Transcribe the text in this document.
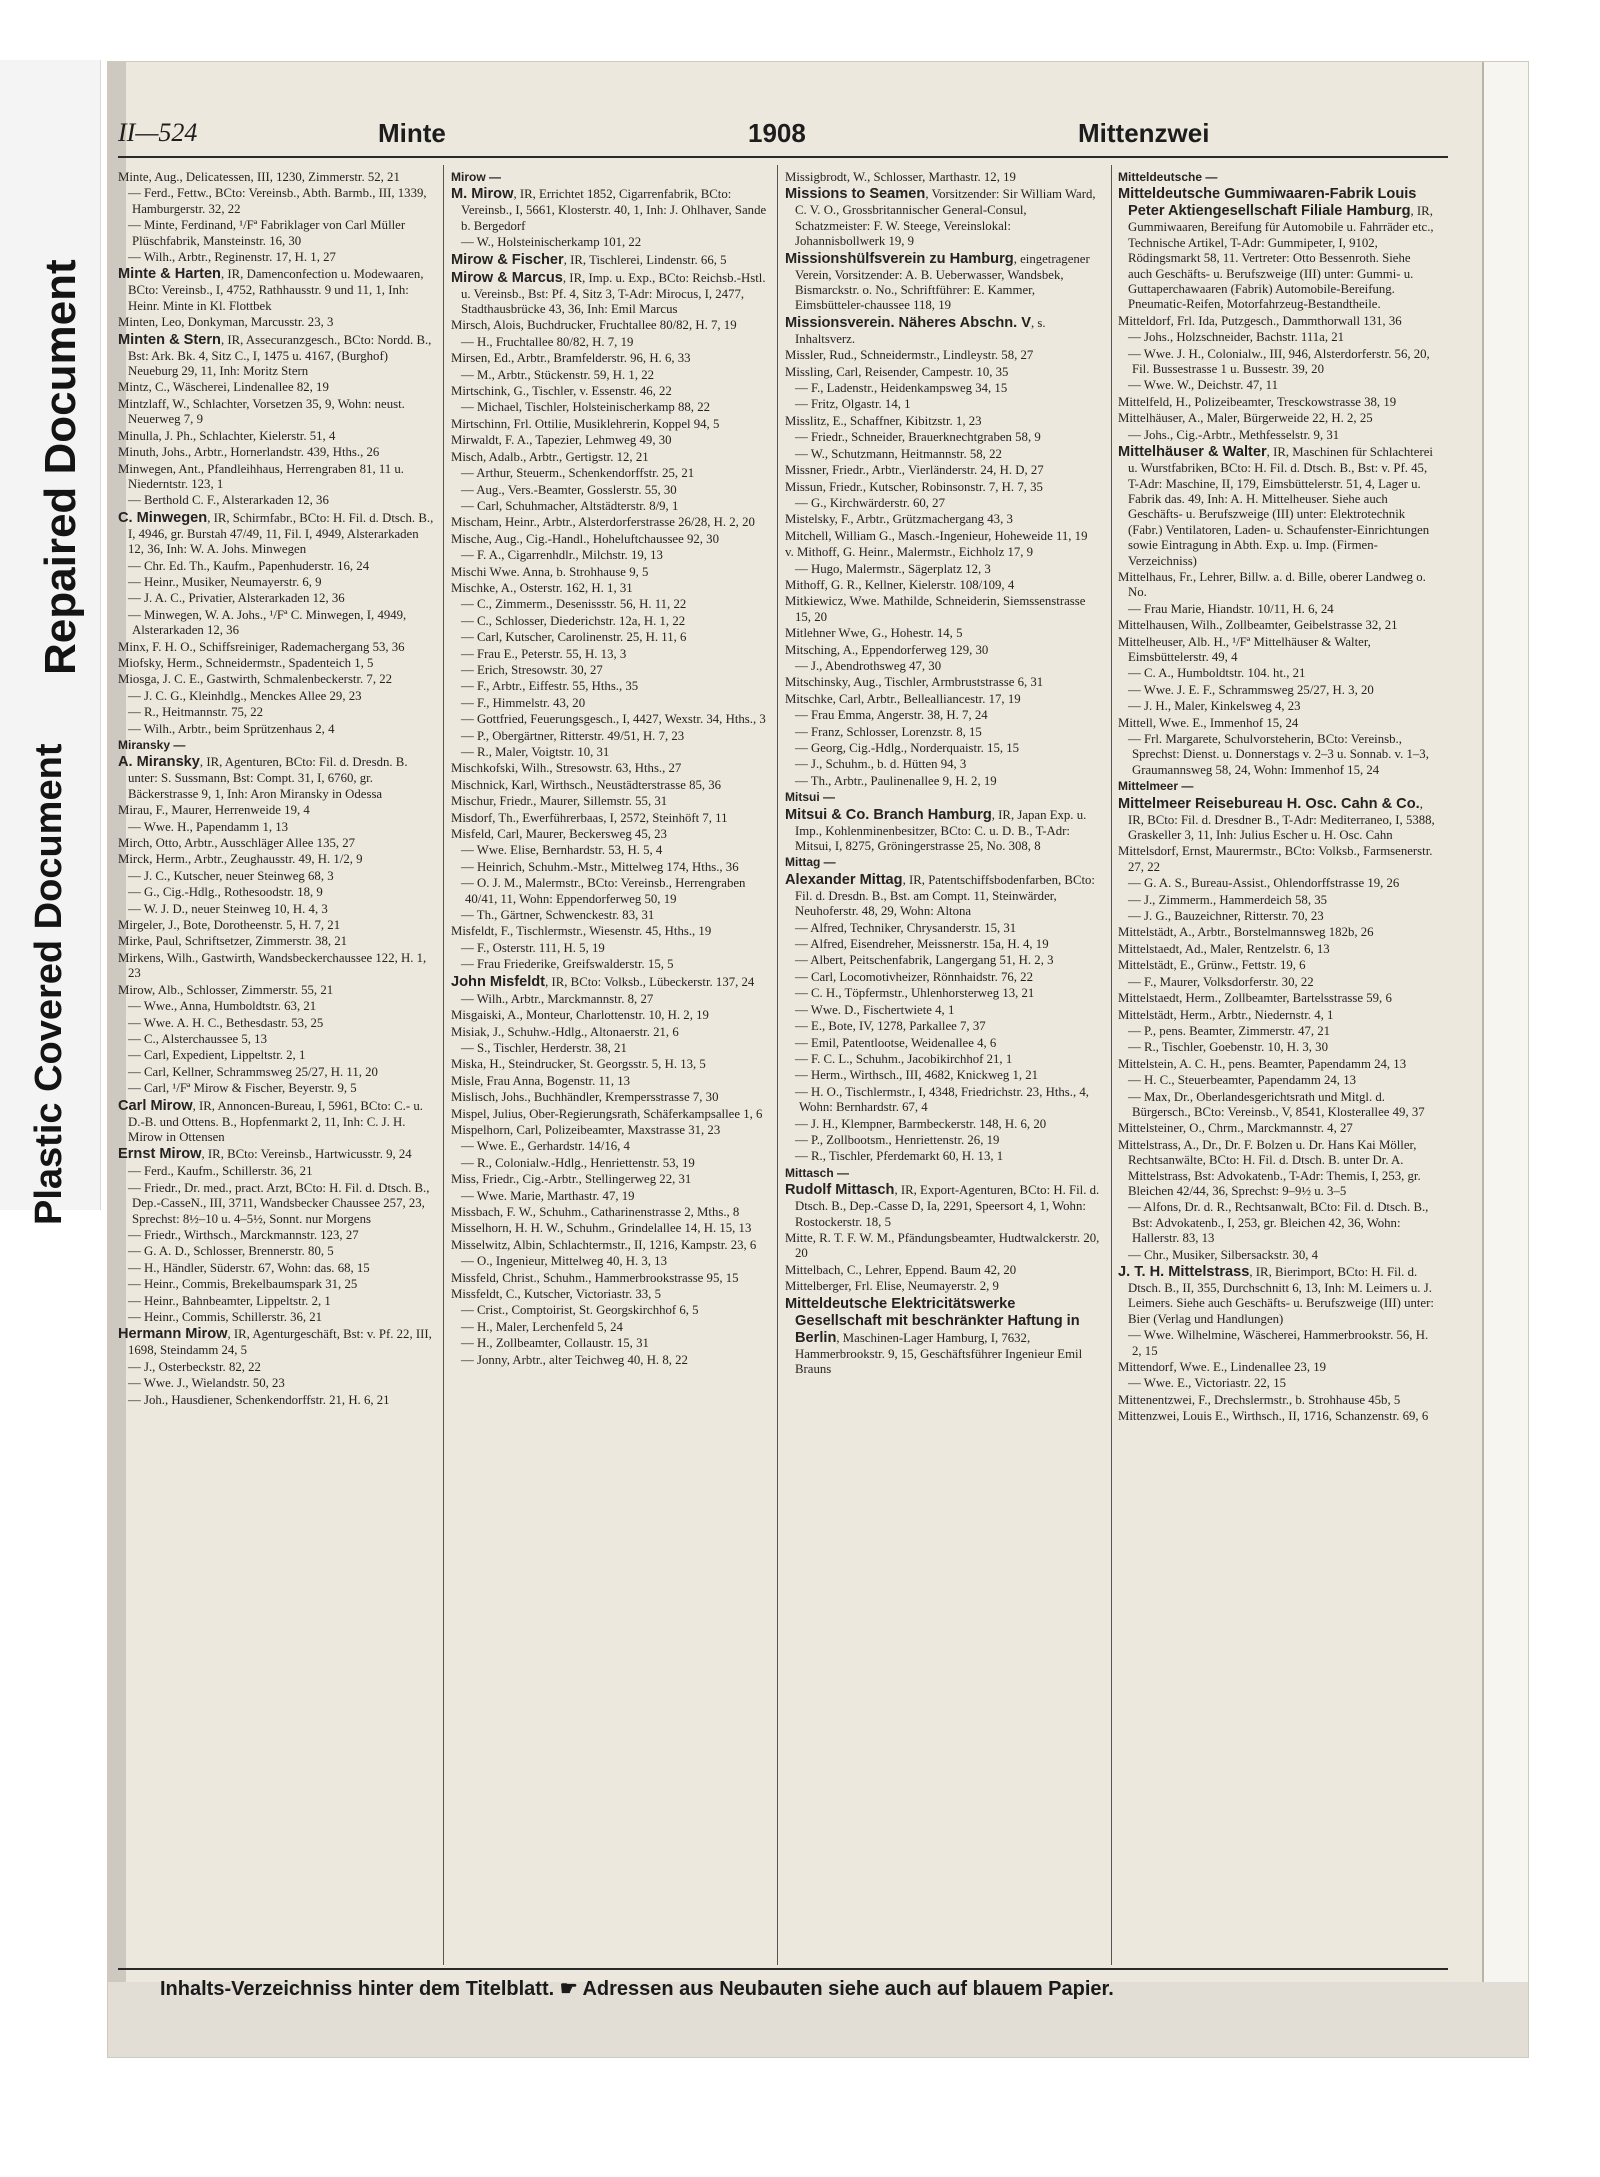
Plastic Covered Document
Repaired Document
II—524	Minte	1908	Mittenzwei
Minte, Aug., Delicatessen, III, 1230, Zimmerstr. 52, 21
— Ferd., Fettw., BCto: Vereinsb., Abth. Barmb., III, 1339, Hamburgerstr. 32, 22
— Minte, Ferdinand, ¹/Fª Fabriklager von Carl Müller Plüschfabrik, Mansteinstr. 16, 30
— Wilh., Arbtr., Reginenstr. 17, H. 1, 27
Minte & Harten, IR, Damenconfection u. Modewaaren, BCto: Vereinsb., I, 4752, Rathhausstr. 9 und 11, 1, Inh: Heinr. Minte in Kl. Flottbek
Minten, Leo, Donkyman, Marcusstr. 23, 3
Minten & Stern, IR, Assecuranzgesch., BCto: Nordd. B., Bst: Ark. Bk. 4, Sitz C., I, 1475 u. 4167, (Burghof) Neueburg 29, 11, Inh: Moritz Stern
Mintz, C., Wäscherei, Lindenallee 82, 19
Mintzlaff, W., Schlachter, Vorsetzen 35, 9, Wohn: neust. Neuerweg 7, 9
Minulla, J. Ph., Schlachter, Kielerstr. 51, 4
Minuth, Johs., Arbtr., Hornerlandstr. 439, Hths., 26
Minwegen, Ant., Pfandleihhaus, Herrengraben 81, 11 u. Niederntstr. 123, 1
— Berthold C. F., Alsterarkaden 12, 36
C. Minwegen, IR, Schirmfabr., BCto: H. Fil. d. Dtsch. B., I, 4946, gr. Burstah 47/49, 11, Fil. I, 4949, Alsterarkaden 12, 36, Inh: W. A. Johs. Minwegen
— Chr. Ed. Th., Kaufm., Papenhuderstr. 16, 24
— Heinr., Musiker, Neumayerstr. 6, 9
— J. A. C., Privatier, Alsterarkaden 12, 36
— Minwegen, W. A. Johs., ¹/Fª C. Minwegen, I, 4949, Alsterarkaden 12, 36
Minx, F. H. O., Schiffsreiniger, Rademachergang 53, 36
Miofsky, Herm., Schneidermstr., Spadenteich 1, 5
Miosga, J. C. E., Gastwirth, Schmalenbeckerstr. 7, 22
— J. C. G., Kleinhdlg., Menckes Allee 29, 23
— R., Heitmannstr. 75, 22
— Wilh., Arbtr., beim Sprützenhaus 2, 4
Miransky —
A. Miransky, IR, Agenturen, BCto: Fil. d. Dresdn. B. unter: S. Sussmann, Bst: Compt. 31, I, 6760, gr. Bäckerstrasse 9, 1, Inh: Aron Miransky in Odessa
Mirau, F., Maurer, Herrenweide 19, 4
— Wwe. H., Papendamm 1, 13
Mirch, Otto, Arbtr., Ausschläger Allee 135, 27
Mirck, Herm., Arbtr., Zeughausstr. 49, H. 1/2, 9
— J. C., Kutscher, neuer Steinweg 68, 3
— G., Cig.-Hdlg., Rothesoodstr. 18, 9
— W. J. D., neuer Steinweg 10, H. 4, 3
Mirgeler, J., Bote, Dorotheenstr. 5, H. 7, 21
Mirke, Paul, Schriftsetzer, Zimmerstr. 38, 21
Mirkens, Wilh., Gastwirth, Wandsbeckerchaussee 122, H. 1, 23
Mirow, Alb., Schlosser, Zimmerstr. 55, 21
— Wwe., Anna, Humboldtstr. 63, 21
— Wwe. A. H. C., Bethesdastr. 53, 25
— C., Alsterchaussee 5, 13
— Carl, Expedient, Lippeltstr. 2, 1
— Carl, Kellner, Schrammsweg 25/27, H. 11, 20
— Carl, ¹/Fª Mirow & Fischer, Beyerstr. 9, 5
Carl Mirow, IR, Annoncen-Bureau, I, 5961, BCto: C.- u. D.-B. und Ottens. B., Hopfenmarkt 2, 11, Inh: C. J. H. Mirow in Ottensen
Ernst Mirow, IR, BCto: Vereinsb., Hartwicusstr. 9, 24
— Ferd., Kaufm., Schillerstr. 36, 21
— Friedr., Dr. med., pract. Arzt, BCto: H. Fil. d. Dtsch. B., Dep.-CasseN., III, 3711, Wandsbecker Chaussee 257, 23, Sprechst: 8½–10 u. 4–5½, Sonnt. nur Morgens
— Friedr., Wirthsch., Marckmannstr. 123, 27
— G. A. D., Schlosser, Brennerstr. 80, 5
— H., Händler, Süderstr. 67, Wohn: das. 68, 15
— Heinr., Commis, Brekelbaumspark 31, 25
— Heinr., Bahnbeamter, Lippeltstr. 2, 1
— Heinr., Commis, Schillerstr. 36, 21
Hermann Mirow, IR, Agenturgeschäft, Bst: v. Pf. 22, III, 1698, Steindamm 24, 5
— J., Osterbeckstr. 82, 22
— Wwe. J., Wielandstr. 50, 23
— Joh., Hausdiener, Schenkendorffstr. 21, H. 6, 21
Mirow —
M. Mirow, IR, Errichtet 1852, Cigarrenfabrik, BCto: Vereinsb., I, 5661, Klosterstr. 40, 1, Inh: J. Ohlhaver, Sande b. Bergedorf
— W., Holsteinischerkamp 101, 22
Mirow & Fischer, IR, Tischlerei, Lindenstr. 66, 5
Mirow & Marcus, IR, Imp. u. Exp., BCto: Reichsb.-Hstl. u. Vereinsb., Bst: Pf. 4, Sitz 3, T-Adr: Mirocus, I, 2477, Stadthausbrücke 43, 36, Inh: Emil Marcus
Mirsch, Alois, Buchdrucker, Fruchtallee 80/82, H. 7, 19
— H., Fruchtallee 80/82, H. 7, 19
Mirsen, Ed., Arbtr., Bramfelderstr. 96, H. 6, 33
— M., Arbtr., Stückenstr. 59, H. 1, 22
Mirtschink, G., Tischler, v. Essenstr. 46, 22
— Michael, Tischler, Holsteinischerkamp 88, 22
Mirtschinn, Frl. Ottilie, Musiklehrerin, Koppel 94, 5
Mirwaldt, F. A., Tapezier, Lehmweg 49, 30
Misch, Adalb., Arbtr., Gertigstr. 12, 21
— Arthur, Steuerm., Schenkendorffstr. 25, 21
— Aug., Vers.-Beamter, Gosslerstr. 55, 30
— Carl, Schuhmacher, Altstädterstr. 8/9, 1
Mischam, Heinr., Arbtr., Alsterdorferstrasse 26/28, H. 2, 20
Mische, Aug., Cig.-Handl., Hoheluftchaussee 92, 30
— F. A., Cigarrenhdlr., Milchstr. 19, 13
Mischi Wwe. Anna, b. Strohhause 9, 5
Mischke, A., Osterstr. 162, H. 1, 31
— C., Zimmerm., Desenissstr. 56, H. 11, 22
— C., Schlosser, Diederichstr. 12a, H. 1, 22
— Carl, Kutscher, Carolinenstr. 25, H. 11, 6
— Frau E., Peterstr. 55, H. 13, 3
— Erich, Stresowstr. 30, 27
— F., Arbtr., Eiffestr. 55, Hths., 35
— F., Himmelstr. 43, 20
— Gottfried, Feuerungsgesch., I, 4427, Wexstr. 34, Hths., 3
— P., Obergärtner, Ritterstr. 49/51, H. 7, 23
— R., Maler, Voigtstr. 10, 31
Mischkofski, Wilh., Stresowstr. 63, Hths., 27
Mischnick, Karl, Wirthsch., Neustädterstrasse 85, 36
Mischur, Friedr., Maurer, Sillemstr. 55, 31
Misdorf, Th., Ewerführerbaas, I, 2572, Steinhöft 7, 11
Misfeld, Carl, Maurer, Beckersweg 45, 23
— Wwe. Elise, Bernhardstr. 53, H. 5, 4
— Heinrich, Schuhm.-Mstr., Mittelweg 174, Hths., 36
— O. J. M., Malermstr., BCto: Vereinsb., Herrengraben 40/41, 11, Wohn: Eppendorferweg 50, 19
— Th., Gärtner, Schwenckestr. 83, 31
Misfeldt, F., Tischlermstr., Wiesenstr. 45, Hths., 19
— F., Osterstr. 111, H. 5, 19
— Frau Friederike, Greifswalderstr. 15, 5
John Misfeldt, IR, BCto: Volksb., Lübeckerstr. 137, 24
— Wilh., Arbtr., Marckmannstr. 8, 27
Misgaiski, A., Monteur, Charlottenstr. 10, H. 2, 19
Misiak, J., Schuhw.-Hdlg., Altonaerstr. 21, 6
— S., Tischler, Herderstr. 38, 21
Miska, H., Steindrucker, St. Georgsstr. 5, H. 13, 5
Misle, Frau Anna, Bogenstr. 11, 13
Mislisch, Johs., Buchhändler, Krempersstrasse 7, 30
Mispel, Julius, Ober-Regierungsrath, Schäferkampsallee 1, 6
Mispelhorn, Carl, Polizeibeamter, Maxstrasse 31, 23
— Wwe. E., Gerhardstr. 14/16, 4
— R., Colonialw.-Hdlg., Henriettenstr. 53, 19
Miss, Friedr., Cig.-Arbtr., Stellingerweg 22, 31
— Wwe. Marie, Marthastr. 47, 19
Missbach, F. W., Schuhm., Catharinenstrasse 2, Mths., 8
Misselhorn, H. H. W., Schuhm., Grindelallee 14, H. 15, 13
Misselwitz, Albin, Schlachtermstr., II, 1216, Kampstr. 23, 6
— O., Ingenieur, Mittelweg 40, H. 3, 13
Missfeld, Christ., Schuhm., Hammerbrookstrasse 95, 15
Missfeldt, C., Kutscher, Victoriastr. 33, 5
— Crist., Comptoirist, St. Georgskirchhof 6, 5
— H., Maler, Lerchenfeld 5, 24
— H., Zollbeamter, Collaustr. 15, 31
— Jonny, Arbtr., alter Teichweg 40, H. 8, 22
Missigbrodt, W., Schlosser, Marthastr. 12, 19
Missions to Seamen, Vorsitzender: Sir William Ward, C. V. O., Grossbritannischer General-Consul, Schatzmeister: F. W. Steege, Vereinslokal: Johannisbollwerk 19, 9
Missionshülfsverein zu Hamburg, eingetragener Verein, Vorsitzender: A. B. Ueberwasser, Wandsbek, Bismarckstr. o. No., Schriftführer: E. Kammer, Eimsbütteler-chaussee 118, 19
Missionsverein. Näheres Abschn. V, s. Inhaltsverz.
Missler, Rud., Schneidermstr., Lindleystr. 58, 27
Missling, Carl, Reisender, Campestr. 10, 35
— F., Ladenstr., Heidenkampsweg 34, 15
— Fritz, Olgastr. 14, 1
Misslitz, E., Schaffner, Kibitzstr. 1, 23
— Friedr., Schneider, Brauerknechtgraben 58, 9
— W., Schutzmann, Heitmannstr. 58, 22
Missner, Friedr., Arbtr., Vierländerstr. 24, H. D, 27
Missun, Friedr., Kutscher, Robinsonstr. 7, H. 7, 35
— G., Kirchwärderstr. 60, 27
Mistelsky, F., Arbtr., Grützmachergang 43, 3
Mitchell, William G., Masch.-Ingenieur, Hoheweide 11, 19
v. Mithoff, G. Heinr., Malermstr., Eichholz 17, 9
— Hugo, Malermstr., Sägerplatz 12, 3
Mithoff, G. R., Kellner, Kielerstr. 108/109, 4
Mitkiewicz, Wwe. Mathilde, Schneiderin, Siemssenstrasse 15, 20
Mitlehner Wwe, G., Hohestr. 14, 5
Mitsching, A., Eppendorferweg 129, 30
— J., Abendrothsweg 47, 30
Mitschinsky, Aug., Tischler, Armbruststrasse 6, 31
Mitschke, Carl, Arbtr., Bellealliancestr. 17, 19
— Frau Emma, Angerstr. 38, H. 7, 24
— Franz, Schlosser, Lorenzstr. 8, 15
— Georg, Cig.-Hdlg., Norderquaistr. 15, 15
— J., Schuhm., b. d. Hütten 94, 3
— Th., Arbtr., Paulinenallee 9, H. 2, 19
Mitsui —
Mitsui & Co. Branch Hamburg, IR, Japan Exp. u. Imp., Kohlenminenbesitzer, BCto: C. u. D. B., T-Adr: Mitsui, I, 8275, Gröningerstrasse 25, No. 308, 8
Mittag —
Alexander Mittag, IR, Patentschiffsbodenfarben, BCto: Fil. d. Dresdn. B., Bst. am Compt. 11, Steinwärder, Neuhoferstr. 48, 29, Wohn: Altona
— Alfred, Techniker, Chrysanderstr. 15, 31
— Alfred, Eisendreher, Meissnerstr. 15a, H. 4, 19
— Albert, Peitschenfabrik, Langergang 51, H. 2, 3
— Carl, Locomotivheizer, Rönnhaidstr. 76, 22
— C. H., Töpfermstr., Uhlenhorsterweg 13, 21
— Wwe. D., Fischertwiete 4, 1
— E., Bote, IV, 1278, Parkallee 7, 37
— Emil, Patentlootse, Weidenallee 4, 6
— F. C. L., Schuhm., Jacobikirchhof 21, 1
— Herm., Wirthsch., III, 4682, Knickweg 1, 21
— H. O., Tischlermstr., I, 4348, Friedrichstr. 23, Hths., 4, Wohn: Bernhardstr. 67, 4
— J. H., Klempner, Barmbeckerstr. 148, H. 6, 20
— P., Zollbootsm., Henriettenstr. 26, 19
— R., Tischler, Pferdemarkt 60, H. 13, 1
Mittasch —
Rudolf Mittasch, IR, Export-Agenturen, BCto: H. Fil. d. Dtsch. B., Dep.-Casse D, Ia, 2291, Speersort 4, 1, Wohn: Rostockerstr. 18, 5
Mitte, R. T. F. W. M., Pfändungsbeamter, Hudtwalckerstr. 20, 20
Mittelbach, C., Lehrer, Eppend. Baum 42, 20
Mittelberger, Frl. Elise, Neumayerstr. 2, 9
Mitteldeutsche Elektricitätswerke Gesellschaft mit beschränkter Haftung in Berlin, Maschinen-Lager Hamburg, I, 7632, Hammerbrookstr. 9, 15, Geschäftsführer Ingenieur Emil Brauns
Mitteldeutsche —
Mitteldeutsche Gummiwaaren-Fabrik Louis Peter Aktiengesellschaft Filiale Hamburg, IR, Gummiwaaren, Bereifung für Automobile u. Fahrräder etc., Technische Artikel, T-Adr: Gummipeter, I, 9102, Rödingsmarkt 58, 11. Vertreter: Otto Bessenroth. Siehe auch Geschäfts- u. Berufszweige (III) unter: Gummi- u. Guttaperchawaaren (Fabrik) Automobile-Bereifung. Pneumatic-Reifen, Motorfahrzeug-Bestandtheile.
Mitteldorf, Frl. Ida, Putzgesch., Dammthorwall 131, 36
— Johs., Holzschneider, Bachstr. 111a, 21
— Wwe. J. H., Colonialw., III, 946, Alsterdorferstr. 56, 20, Fil. Bussestrasse 1 u. Bussestr. 39, 20
— Wwe. W., Deichstr. 47, 11
Mittelfeld, H., Polizeibeamter, Tresckowstrasse 38, 19
Mittelhäuser, A., Maler, Bürgerweide 22, H. 2, 25
— Johs., Cig.-Arbtr., Methfesselstr. 9, 31
Mittelhäuser & Walter, IR, Maschinen für Schlachterei u. Wurstfabriken, BCto: H. Fil. d. Dtsch. B., Bst: v. Pf. 45, T-Adr: Maschine, II, 179, Eimsbüttelerstr. 51, 4, Lager u. Fabrik das. 49, Inh: A. H. Mittelheuser. Siehe auch Geschäfts- u. Berufszweige (III) unter: Elektrotechnik (Fabr.) Ventilatoren, Laden- u. Schaufenster-Einrichtungen sowie Eintragung in Abth. Exp. u. Imp. (Firmen-Verzeichniss)
Mittelhaus, Fr., Lehrer, Billw. a. d. Bille, oberer Landweg o. No.
— Frau Marie, Hiandstr. 10/11, H. 6, 24
Mittelhausen, Wilh., Zollbeamter, Geibelstrasse 32, 21
Mittelheuser, Alb. H., ¹/Fª Mittelhäuser & Walter, Eimsbüttelerstr. 49, 4
— C. A., Humboldtstr. 104. ht., 21
— Wwe. J. E. F., Schrammsweg 25/27, H. 3, 20
— J. H., Maler, Kinkelsweg 4, 23
Mittell, Wwe. E., Immenhof 15, 24
— Frl. Margarete, Schulvorsteherin, BCto: Vereinsb., Sprechst: Dienst. u. Donnerstags v. 2–3 u. Sonnab. v. 1–3, Graumannsweg 58, 24, Wohn: Immenhof 15, 24
Mittelmeer —
Mittelmeer Reisebureau H. Osc. Cahn & Co., IR, BCto: Fil. d. Dresdner B., T-Adr: Mediterraneo, I, 5388, Graskeller 3, 11, Inh: Julius Escher u. H. Osc. Cahn
Mittelsdorf, Ernst, Maurermstr., BCto: Volksb., Farmsenerstr. 27, 22
— G. A. S., Bureau-Assist., Ohlendorffstrasse 19, 26
— J., Zimmerm., Hammerdeich 58, 35
— J. G., Bauzeichner, Ritterstr. 70, 23
Mittelstädt, A., Arbtr., Borstelmannsweg 182b, 26
Mittelstaedt, Ad., Maler, Rentzelstr. 6, 13
Mittelstädt, E., Grünw., Fettstr. 19, 6
— F., Maurer, Volksdorferstr. 30, 22
Mittelstaedt, Herm., Zollbeamter, Bartelsstrasse 59, 6
Mittelstädt, Herm., Arbtr., Niedernstr. 4, 1
— P., pens. Beamter, Zimmerstr. 47, 21
— R., Tischler, Goebenstr. 10, H. 3, 30
Mittelstein, A. C. H., pens. Beamter, Papendamm 24, 13
— H. C., Steuerbeamter, Papendamm 24, 13
— Max, Dr., Oberlandesgerichtsrath und Mitgl. d. Bürgersch., BCto: Vereinsb., V, 8541, Klosterallee 49, 37
Mittelsteiner, O., Chrm., Marckmannstr. 4, 27
Mittelstrass, A., Dr., Dr. F. Bolzen u. Dr. Hans Kai Möller, Rechtsanwälte, BCto: H. Fil. d. Dtsch. B. unter Dr. A. Mittelstrass, Bst: Advokatenb., T-Adr: Themis, I, 253, gr. Bleichen 42/44, 36, Sprechst: 9–9½ u. 3–5
— Alfons, Dr. d. R., Rechtsanwalt, BCto: Fil. d. Dtsch. B., Bst: Advokatenb., I, 253, gr. Bleichen 42, 36, Wohn: Hallerstr. 83, 13
— Chr., Musiker, Silbersackstr. 30, 4
J. T. H. Mittelstrass, IR, Bierimport, BCto: H. Fil. d. Dtsch. B., II, 355, Durchschnitt 6, 13, Inh: M. Leimers u. J. Leimers. Siehe auch Geschäfts- u. Berufszweige (III) unter: Bier (Verlag und Handlungen)
— Wwe. Wilhelmine, Wäscherei, Hammerbrookstr. 56, H. 2, 15
Mittendorf, Wwe. E., Lindenallee 23, 19
— Wwe. E., Victoriastr. 22, 15
Mittenentzwei, F., Drechslermstr., b. Strohhause 45b, 5
Mittenzwei, Louis E., Wirthsch., II, 1716, Schanzenstr. 69, 6
Inhalts-Verzeichniss hinter dem Titelblatt. ☛ Adressen aus Neubauten siehe auch auf blauem Papier.
